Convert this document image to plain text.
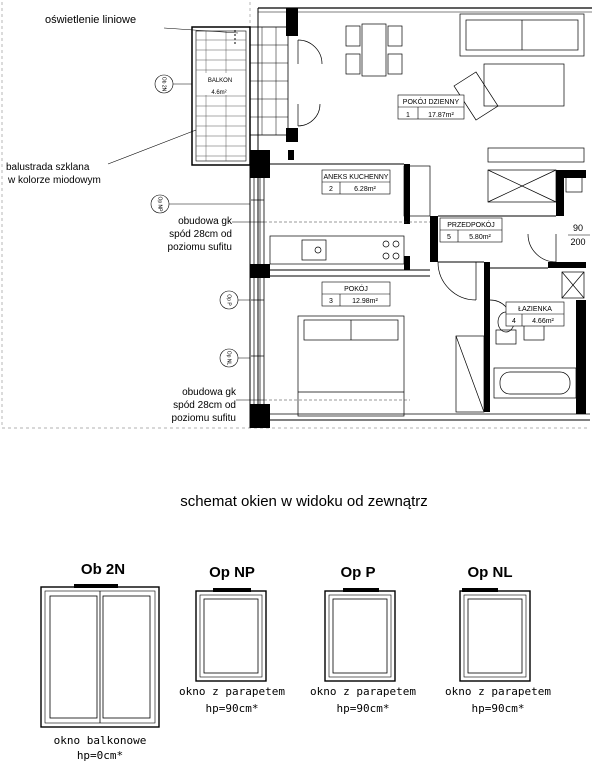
BALKON
4.6m²
POKÓJ DZIENNY
1	17.87m²
ANEKS KUCHENNY
2	6.28m²
POKÓJ
3	12.98m²
ŁAZIENKA
4 4.66m²
PRZEDPOKÓJ
5	5.80m²
90
200
Ob 2N
Op NP
Op P
Op NL
oświetlenie liniowe
balustrada szklana
w kolorze miodowym
obudowa gk
spód 28cm od
poziomu sufitu
obudowa gk
spód 28cm od
poziomu sufitu
schemat okien w widoku od zewnątrz
Ob 2N
okno balkonowe
hp=0cm*
Op NP
okno z parapetem
hp=90cm*
Op P
okno z parapetem
hp=90cm*
Op NL
okno z parapetem
hp=90cm*
